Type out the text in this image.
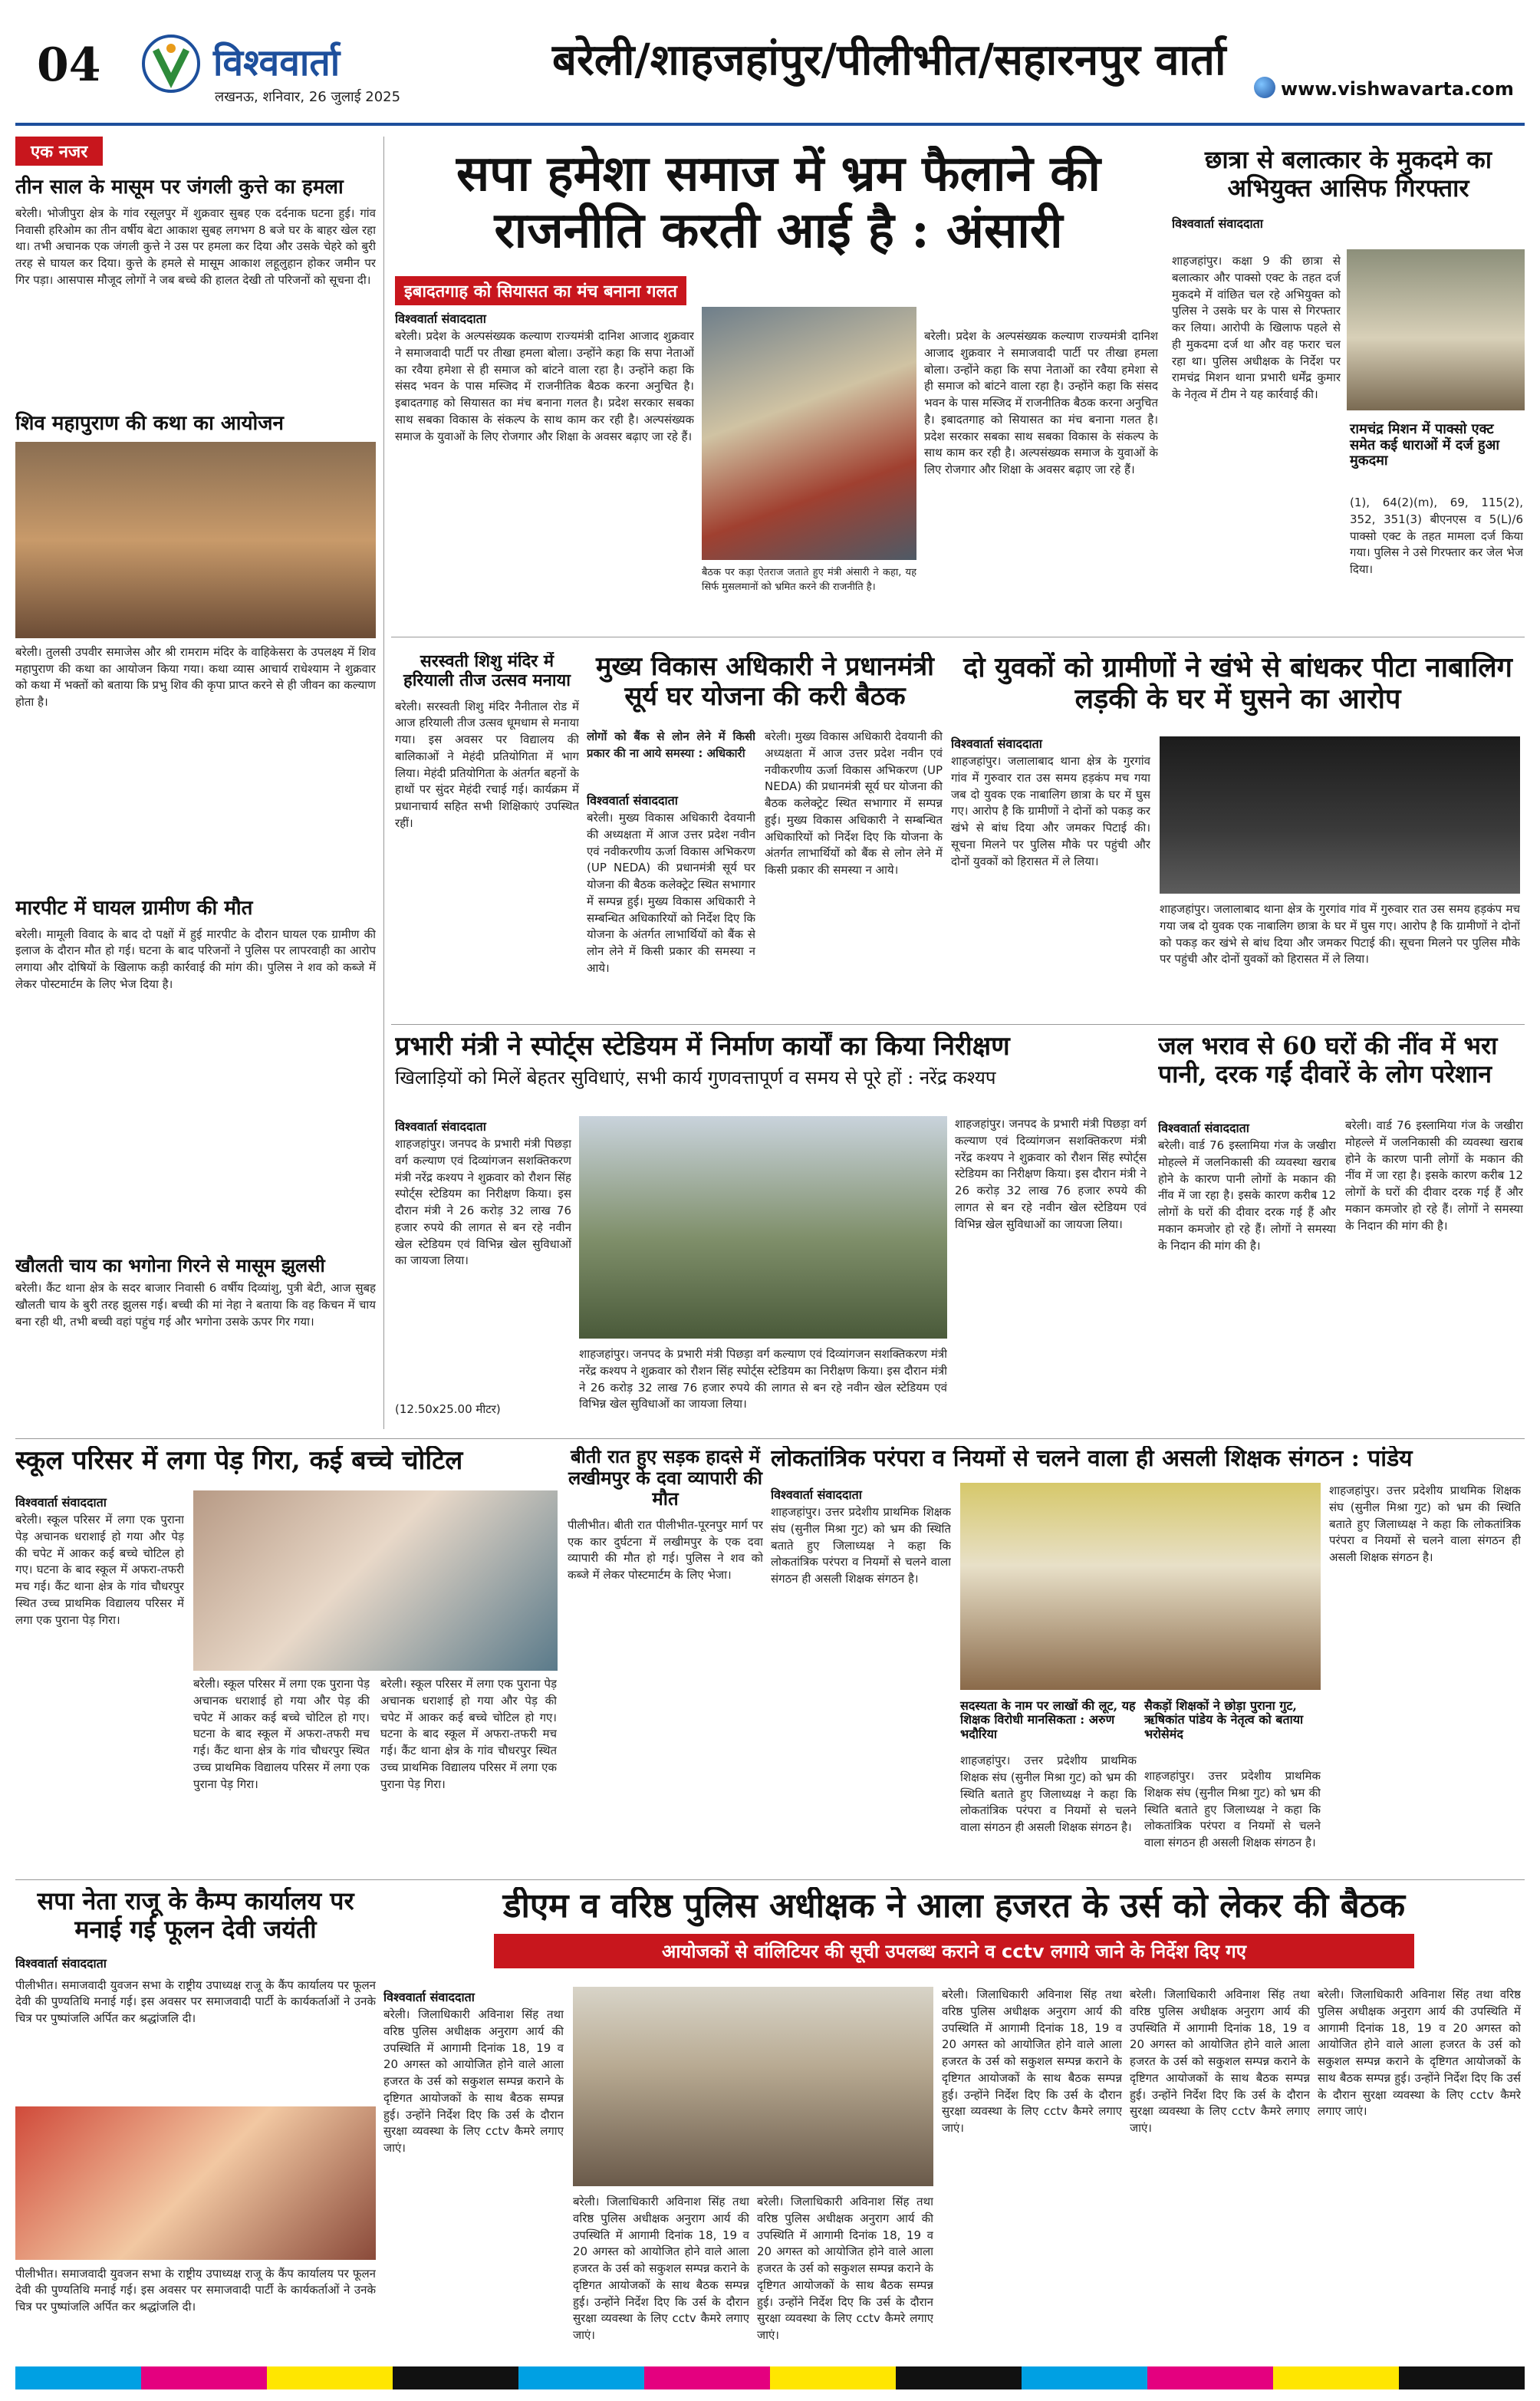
04	विश्ववार्ता
लखनऊ, शनिवार, 26 जुलाई 2025
बरेली/शाहजहांपुर/पीलीभीत/सहारनपुर वार्ता
www.vishwavarta.com
एक नजर
तीन साल के मासूम पर जंगली कुत्ते का हमला
बरेली। भोजीपुरा क्षेत्र के गांव रसूलपुर में शुक्रवार सुबह एक दर्दनाक घटना हुई। गांव निवासी हरिओम का तीन वर्षीय बेटा आकाश सुबह लगभग 8 बजे घर के बाहर खेल रहा था। तभी अचानक एक जंगली कुत्ते ने उस पर हमला कर दिया और उसके चेहरे को बुरी तरह से घायल कर दिया। कुत्ते के हमले से मासूम आकाश लहूलुहान होकर जमीन पर गिर पड़ा। आसपास मौजूद लोगों ने जब बच्चे की हालत देखी तो परिजनों को सूचना दी।
शिव महापुराण की कथा का आयोजन
बरेली। तुलसी उपवीर समाजेस और श्री रामराम मंदिर के वाहिकेसरा के उपलक्ष्य में शिव महापुराण की कथा का आयोजन किया गया। कथा व्यास आचार्य राधेश्याम ने शुक्रवार को कथा में भक्तों को बताया कि प्रभु शिव की कृपा प्राप्त करने से ही जीवन का कल्याण होता है।
मारपीट में घायल ग्रामीण की मौत
बरेली। मामूली विवाद के बाद दो पक्षों में हुई मारपीट के दौरान घायल एक ग्रामीण की इलाज के दौरान मौत हो गई। घटना के बाद परिजनों ने पुलिस पर लापरवाही का आरोप लगाया और दोषियों के खिलाफ कड़ी कार्रवाई की मांग की। पुलिस ने शव को कब्जे में लेकर पोस्टमार्टम के लिए भेज दिया है।
खौलती चाय का भगोना गिरने से मासूम झुलसी
बरेली। कैंट थाना क्षेत्र के सदर बाजार निवासी 6 वर्षीय दिव्यांशु, पुत्री बेटी, आज सुबह खौलती चाय के बुरी तरह झुलस गई। बच्ची की मां नेहा ने बताया कि वह किचन में चाय बना रही थी, तभी बच्ची वहां पहुंच गई और भगोना उसके ऊपर गिर गया।
सपा हमेशा समाज में भ्रम फैलाने की राजनीति करती आई है : अंसारी
इबादतगाह को सियासत का मंच बनाना गलत
विश्ववार्ता संवाददाता
बरेली। प्रदेश के अल्पसंख्यक कल्याण राज्यमंत्री दानिश आजाद शुक्रवार ने समाजवादी पार्टी पर तीखा हमला बोला। उन्होंने कहा कि सपा नेताओं का रवैया हमेशा से ही समाज को बांटने वाला रहा है। उन्होंने कहा कि संसद भवन के पास मस्जिद में राजनीतिक बैठक करना अनुचित है। इबादतगाह को सियासत का मंच बनाना गलत है। प्रदेश सरकार सबका साथ सबका विकास के संकल्प के साथ काम कर रही है। अल्पसंख्यक समाज के युवाओं के लिए रोजगार और शिक्षा के अवसर बढ़ाए जा रहे हैं।
बैठक पर कड़ा ऐतराज जताते हुए मंत्री अंसारी ने कहा, यह सिर्फ मुसलमानों को भ्रमित करने की राजनीति है।
बरेली। प्रदेश के अल्पसंख्यक कल्याण राज्यमंत्री दानिश आजाद शुक्रवार ने समाजवादी पार्टी पर तीखा हमला बोला। उन्होंने कहा कि सपा नेताओं का रवैया हमेशा से ही समाज को बांटने वाला रहा है। उन्होंने कहा कि संसद भवन के पास मस्जिद में राजनीतिक बैठक करना अनुचित है। इबादतगाह को सियासत का मंच बनाना गलत है। प्रदेश सरकार सबका साथ सबका विकास के संकल्प के साथ काम कर रही है। अल्पसंख्यक समाज के युवाओं के लिए रोजगार और शिक्षा के अवसर बढ़ाए जा रहे हैं।
छात्रा से बलात्कार के मुकदमे का अभियुक्त आसिफ गिरफ्तार
विश्ववार्ता संवाददाता
शाहजहांपुर। कक्षा 9 की छात्रा से बलात्कार और पाक्सो एक्ट के तहत दर्ज मुकदमे में वांछित चल रहे अभियुक्त को पुलिस ने उसके घर के पास से गिरफ्तार कर लिया। आरोपी के खिलाफ पहले से ही मुकदमा दर्ज था और वह फरार चल रहा था। पुलिस अधीक्षक के निर्देश पर रामचंद्र मिशन थाना प्रभारी धर्मेंद्र कुमार के नेतृत्व में टीम ने यह कार्रवाई की।
रामचंद्र मिशन में पाक्सो एक्ट समेत कई धाराओं में दर्ज हुआ मुकदमा
(1), 64(2)(m), 69, 115(2), 352, 351(3) बीएनएस व 5(L)/6 पाक्सो एक्ट के तहत मामला दर्ज किया गया। पुलिस ने उसे गिरफ्तार कर जेल भेज दिया।
सरस्वती शिशु मंदिर में हरियाली तीज उत्सव मनाया
बरेली। सरस्वती शिशु मंदिर नैनीताल रोड में आज हरियाली तीज उत्सव धूमधाम से मनाया गया। इस अवसर पर विद्यालय की बालिकाओं ने मेहंदी प्रतियोगिता में भाग लिया। मेहंदी प्रतियोगिता के अंतर्गत बहनों के हाथों पर सुंदर मेहंदी रचाई गई। कार्यक्रम में प्रधानाचार्य सहित सभी शिक्षिकाएं उपस्थित रहीं।
मुख्य विकास अधिकारी ने प्रधानमंत्री सूर्य घर योजना की करी बैठक
लोगों को बैंक से लोन लेने में किसी प्रकार की ना आये समस्या : अधिकारी
विश्ववार्ता संवाददाता
बरेली। मुख्य विकास अधिकारी देवयानी की अध्यक्षता में आज उत्तर प्रदेश नवीन एवं नवीकरणीय ऊर्जा विकास अभिकरण (UP NEDA) की प्रधानमंत्री सूर्य घर योजना की बैठक कलेक्ट्रेट स्थित सभागार में सम्पन्न हुई। मुख्य विकास अधिकारी ने सम्बन्धित अधिकारियों को निर्देश दिए कि योजना के अंतर्गत लाभार्थियों को बैंक से लोन लेने में किसी प्रकार की समस्या न आये।
बरेली। मुख्य विकास अधिकारी देवयानी की अध्यक्षता में आज उत्तर प्रदेश नवीन एवं नवीकरणीय ऊर्जा विकास अभिकरण (UP NEDA) की प्रधानमंत्री सूर्य घर योजना की बैठक कलेक्ट्रेट स्थित सभागार में सम्पन्न हुई। मुख्य विकास अधिकारी ने सम्बन्धित अधिकारियों को निर्देश दिए कि योजना के अंतर्गत लाभार्थियों को बैंक से लोन लेने में किसी प्रकार की समस्या न आये।
दो युवकों को ग्रामीणों ने खंभे से बांधकर पीटा नाबालिग लड़की के घर में घुसने का आरोप
विश्ववार्ता संवाददाता
शाहजहांपुर। जलालाबाद थाना क्षेत्र के गुरगांव गांव में गुरुवार रात उस समय हड़कंप मच गया जब दो युवक एक नाबालिग छात्रा के घर में घुस गए। आरोप है कि ग्रामीणों ने दोनों को पकड़ कर खंभे से बांध दिया और जमकर पिटाई की। सूचना मिलने पर पुलिस मौके पर पहुंची और दोनों युवकों को हिरासत में ले लिया।
शाहजहांपुर। जलालाबाद थाना क्षेत्र के गुरगांव गांव में गुरुवार रात उस समय हड़कंप मच गया जब दो युवक एक नाबालिग छात्रा के घर में घुस गए। आरोप है कि ग्रामीणों ने दोनों को पकड़ कर खंभे से बांध दिया और जमकर पिटाई की। सूचना मिलने पर पुलिस मौके पर पहुंची और दोनों युवकों को हिरासत में ले लिया।
प्रभारी मंत्री ने स्पोर्ट्स स्टेडियम में निर्माण कार्यों का किया निरीक्षण
खिलाड़ियों को मिलें बेहतर सुविधाएं, सभी कार्य गुणवत्तापूर्ण व समय से पूरे हों : नरेंद्र कश्यप
विश्ववार्ता संवाददाता
शाहजहांपुर। जनपद के प्रभारी मंत्री पिछड़ा वर्ग कल्याण एवं दिव्यांगजन सशक्तिकरण मंत्री नरेंद्र कश्यप ने शुक्रवार को रौशन सिंह स्पोर्ट्स स्टेडियम का निरीक्षण किया। इस दौरान मंत्री ने 26 करोड़ 32 लाख 76 हजार रुपये की लागत से बन रहे नवीन खेल स्टेडियम एवं विभिन्न खेल सुविधाओं का जायजा लिया।
(12.50x25.00 मीटर)
शाहजहांपुर। जनपद के प्रभारी मंत्री पिछड़ा वर्ग कल्याण एवं दिव्यांगजन सशक्तिकरण मंत्री नरेंद्र कश्यप ने शुक्रवार को रौशन सिंह स्पोर्ट्स स्टेडियम का निरीक्षण किया। इस दौरान मंत्री ने 26 करोड़ 32 लाख 76 हजार रुपये की लागत से बन रहे नवीन खेल स्टेडियम एवं विभिन्न खेल सुविधाओं का जायजा लिया।
शाहजहांपुर। जनपद के प्रभारी मंत्री पिछड़ा वर्ग कल्याण एवं दिव्यांगजन सशक्तिकरण मंत्री नरेंद्र कश्यप ने शुक्रवार को रौशन सिंह स्पोर्ट्स स्टेडियम का निरीक्षण किया। इस दौरान मंत्री ने 26 करोड़ 32 लाख 76 हजार रुपये की लागत से बन रहे नवीन खेल स्टेडियम एवं विभिन्न खेल सुविधाओं का जायजा लिया।
जल भराव से 60 घरों की नींव में भरा पानी, दरक गईं दीवारें के लोग परेशान
विश्ववार्ता संवाददाता
बरेली। वार्ड 76 इस्लामिया गंज के जखीरा मोहल्ले में जलनिकासी की व्यवस्था खराब होने के कारण पानी लोगों के मकान की नींव में जा रहा है। इसके कारण करीब 12 लोगों के घरों की दीवार दरक गई हैं और मकान कमजोर हो रहे हैं। लोगों ने समस्या के निदान की मांग की है।
बरेली। वार्ड 76 इस्लामिया गंज के जखीरा मोहल्ले में जलनिकासी की व्यवस्था खराब होने के कारण पानी लोगों के मकान की नींव में जा रहा है। इसके कारण करीब 12 लोगों के घरों की दीवार दरक गई हैं और मकान कमजोर हो रहे हैं। लोगों ने समस्या के निदान की मांग की है।
स्कूल परिसर में लगा पेड़ गिरा, कई बच्चे चोटिल
विश्ववार्ता संवाददाता
बरेली। स्कूल परिसर में लगा एक पुराना पेड़ अचानक धराशाई हो गया और पेड़ की चपेट में आकर कई बच्चे चोटिल हो गए। घटना के बाद स्कूल में अफरा-तफरी मच गई। कैंट थाना क्षेत्र के गांव चौधरपुर स्थित उच्च प्राथमिक विद्यालय परिसर में लगा एक पुराना पेड़ गिरा।
बरेली। स्कूल परिसर में लगा एक पुराना पेड़ अचानक धराशाई हो गया और पेड़ की चपेट में आकर कई बच्चे चोटिल हो गए। घटना के बाद स्कूल में अफरा-तफरी मच गई। कैंट थाना क्षेत्र के गांव चौधरपुर स्थित उच्च प्राथमिक विद्यालय परिसर में लगा एक पुराना पेड़ गिरा।
बरेली। स्कूल परिसर में लगा एक पुराना पेड़ अचानक धराशाई हो गया और पेड़ की चपेट में आकर कई बच्चे चोटिल हो गए। घटना के बाद स्कूल में अफरा-तफरी मच गई। कैंट थाना क्षेत्र के गांव चौधरपुर स्थित उच्च प्राथमिक विद्यालय परिसर में लगा एक पुराना पेड़ गिरा।
बीती रात हुए सड़क हादसे में लखीमपुर के दवा व्यापारी की मौत
पीलीभीत। बीती रात पीलीभीत-पूरनपुर मार्ग पर एक कार दुर्घटना में लखीमपुर के एक दवा व्यापारी की मौत हो गई। पुलिस ने शव को कब्जे में लेकर पोस्टमार्टम के लिए भेजा।
लोकतांत्रिक परंपरा व नियमों से चलने वाला ही असली शिक्षक संगठन : पांडेय
विश्ववार्ता संवाददाता
शाहजहांपुर। उत्तर प्रदेशीय प्राथमिक शिक्षक संघ (सुनील मिश्रा गुट) को भ्रम की स्थिति बताते हुए जिलाध्यक्ष ने कहा कि लोकतांत्रिक परंपरा व नियमों से चलने वाला संगठन ही असली शिक्षक संगठन है।
सदस्यता के नाम पर लाखों की लूट, यह शिक्षक विरोधी मानसिकता : अरुण भदौरिया
शाहजहांपुर। उत्तर प्रदेशीय प्राथमिक शिक्षक संघ (सुनील मिश्रा गुट) को भ्रम की स्थिति बताते हुए जिलाध्यक्ष ने कहा कि लोकतांत्रिक परंपरा व नियमों से चलने वाला संगठन ही असली शिक्षक संगठन है।
सैकड़ों शिक्षकों ने छोड़ा पुराना गुट, ऋषिकांत पांडेय के नेतृत्व को बताया भरोसेमंद
शाहजहांपुर। उत्तर प्रदेशीय प्राथमिक शिक्षक संघ (सुनील मिश्रा गुट) को भ्रम की स्थिति बताते हुए जिलाध्यक्ष ने कहा कि लोकतांत्रिक परंपरा व नियमों से चलने वाला संगठन ही असली शिक्षक संगठन है।
शाहजहांपुर। उत्तर प्रदेशीय प्राथमिक शिक्षक संघ (सुनील मिश्रा गुट) को भ्रम की स्थिति बताते हुए जिलाध्यक्ष ने कहा कि लोकतांत्रिक परंपरा व नियमों से चलने वाला संगठन ही असली शिक्षक संगठन है।
सपा नेता राजू के कैम्प कार्यालय पर मनाई गई फूलन देवी जयंती
विश्ववार्ता संवाददाता
पीलीभीत। समाजवादी युवजन सभा के राष्ट्रीय उपाध्यक्ष राजू के कैंप कार्यालय पर फूलन देवी की पुण्यतिथि मनाई गई। इस अवसर पर समाजवादी पार्टी के कार्यकर्ताओं ने उनके चित्र पर पुष्पांजलि अर्पित कर श्रद्धांजलि दी।
पीलीभीत। समाजवादी युवजन सभा के राष्ट्रीय उपाध्यक्ष राजू के कैंप कार्यालय पर फूलन देवी की पुण्यतिथि मनाई गई। इस अवसर पर समाजवादी पार्टी के कार्यकर्ताओं ने उनके चित्र पर पुष्पांजलि अर्पित कर श्रद्धांजलि दी।
डीएम व वरिष्ठ पुलिस अधीक्षक ने आला हजरत के उर्स को लेकर की बैठक
आयोजकों से वांलिटियर की सूची उपलब्ध कराने व cctv लगाये जाने के निर्देश दिए गए
विश्ववार्ता संवाददाता
बरेली। जिलाधिकारी अविनाश सिंह तथा वरिष्ठ पुलिस अधीक्षक अनुराग आर्य की उपस्थिति में आगामी दिनांक 18, 19 व 20 अगस्त को आयोजित होने वाले आला हजरत के उर्स को सकुशल सम्पन्न कराने के दृष्टिगत आयोजकों के साथ बैठक सम्पन्न हुई। उन्होंने निर्देश दिए कि उर्स के दौरान सुरक्षा व्यवस्था के लिए cctv कैमरे लगाए जाएं।
बरेली। जिलाधिकारी अविनाश सिंह तथा वरिष्ठ पुलिस अधीक्षक अनुराग आर्य की उपस्थिति में आगामी दिनांक 18, 19 व 20 अगस्त को आयोजित होने वाले आला हजरत के उर्स को सकुशल सम्पन्न कराने के दृष्टिगत आयोजकों के साथ बैठक सम्पन्न हुई। उन्होंने निर्देश दिए कि उर्स के दौरान सुरक्षा व्यवस्था के लिए cctv कैमरे लगाए जाएं।
बरेली। जिलाधिकारी अविनाश सिंह तथा वरिष्ठ पुलिस अधीक्षक अनुराग आर्य की उपस्थिति में आगामी दिनांक 18, 19 व 20 अगस्त को आयोजित होने वाले आला हजरत के उर्स को सकुशल सम्पन्न कराने के दृष्टिगत आयोजकों के साथ बैठक सम्पन्न हुई। उन्होंने निर्देश दिए कि उर्स के दौरान सुरक्षा व्यवस्था के लिए cctv कैमरे लगाए जाएं।
बरेली। जिलाधिकारी अविनाश सिंह तथा वरिष्ठ पुलिस अधीक्षक अनुराग आर्य की उपस्थिति में आगामी दिनांक 18, 19 व 20 अगस्त को आयोजित होने वाले आला हजरत के उर्स को सकुशल सम्पन्न कराने के दृष्टिगत आयोजकों के साथ बैठक सम्पन्न हुई। उन्होंने निर्देश दिए कि उर्स के दौरान सुरक्षा व्यवस्था के लिए cctv कैमरे लगाए जाएं।
बरेली। जिलाधिकारी अविनाश सिंह तथा वरिष्ठ पुलिस अधीक्षक अनुराग आर्य की उपस्थिति में आगामी दिनांक 18, 19 व 20 अगस्त को आयोजित होने वाले आला हजरत के उर्स को सकुशल सम्पन्न कराने के दृष्टिगत आयोजकों के साथ बैठक सम्पन्न हुई। उन्होंने निर्देश दिए कि उर्स के दौरान सुरक्षा व्यवस्था के लिए cctv कैमरे लगाए जाएं।
बरेली। जिलाधिकारी अविनाश सिंह तथा वरिष्ठ पुलिस अधीक्षक अनुराग आर्य की उपस्थिति में आगामी दिनांक 18, 19 व 20 अगस्त को आयोजित होने वाले आला हजरत के उर्स को सकुशल सम्पन्न कराने के दृष्टिगत आयोजकों के साथ बैठक सम्पन्न हुई। उन्होंने निर्देश दिए कि उर्स के दौरान सुरक्षा व्यवस्था के लिए cctv कैमरे लगाए जाएं।
